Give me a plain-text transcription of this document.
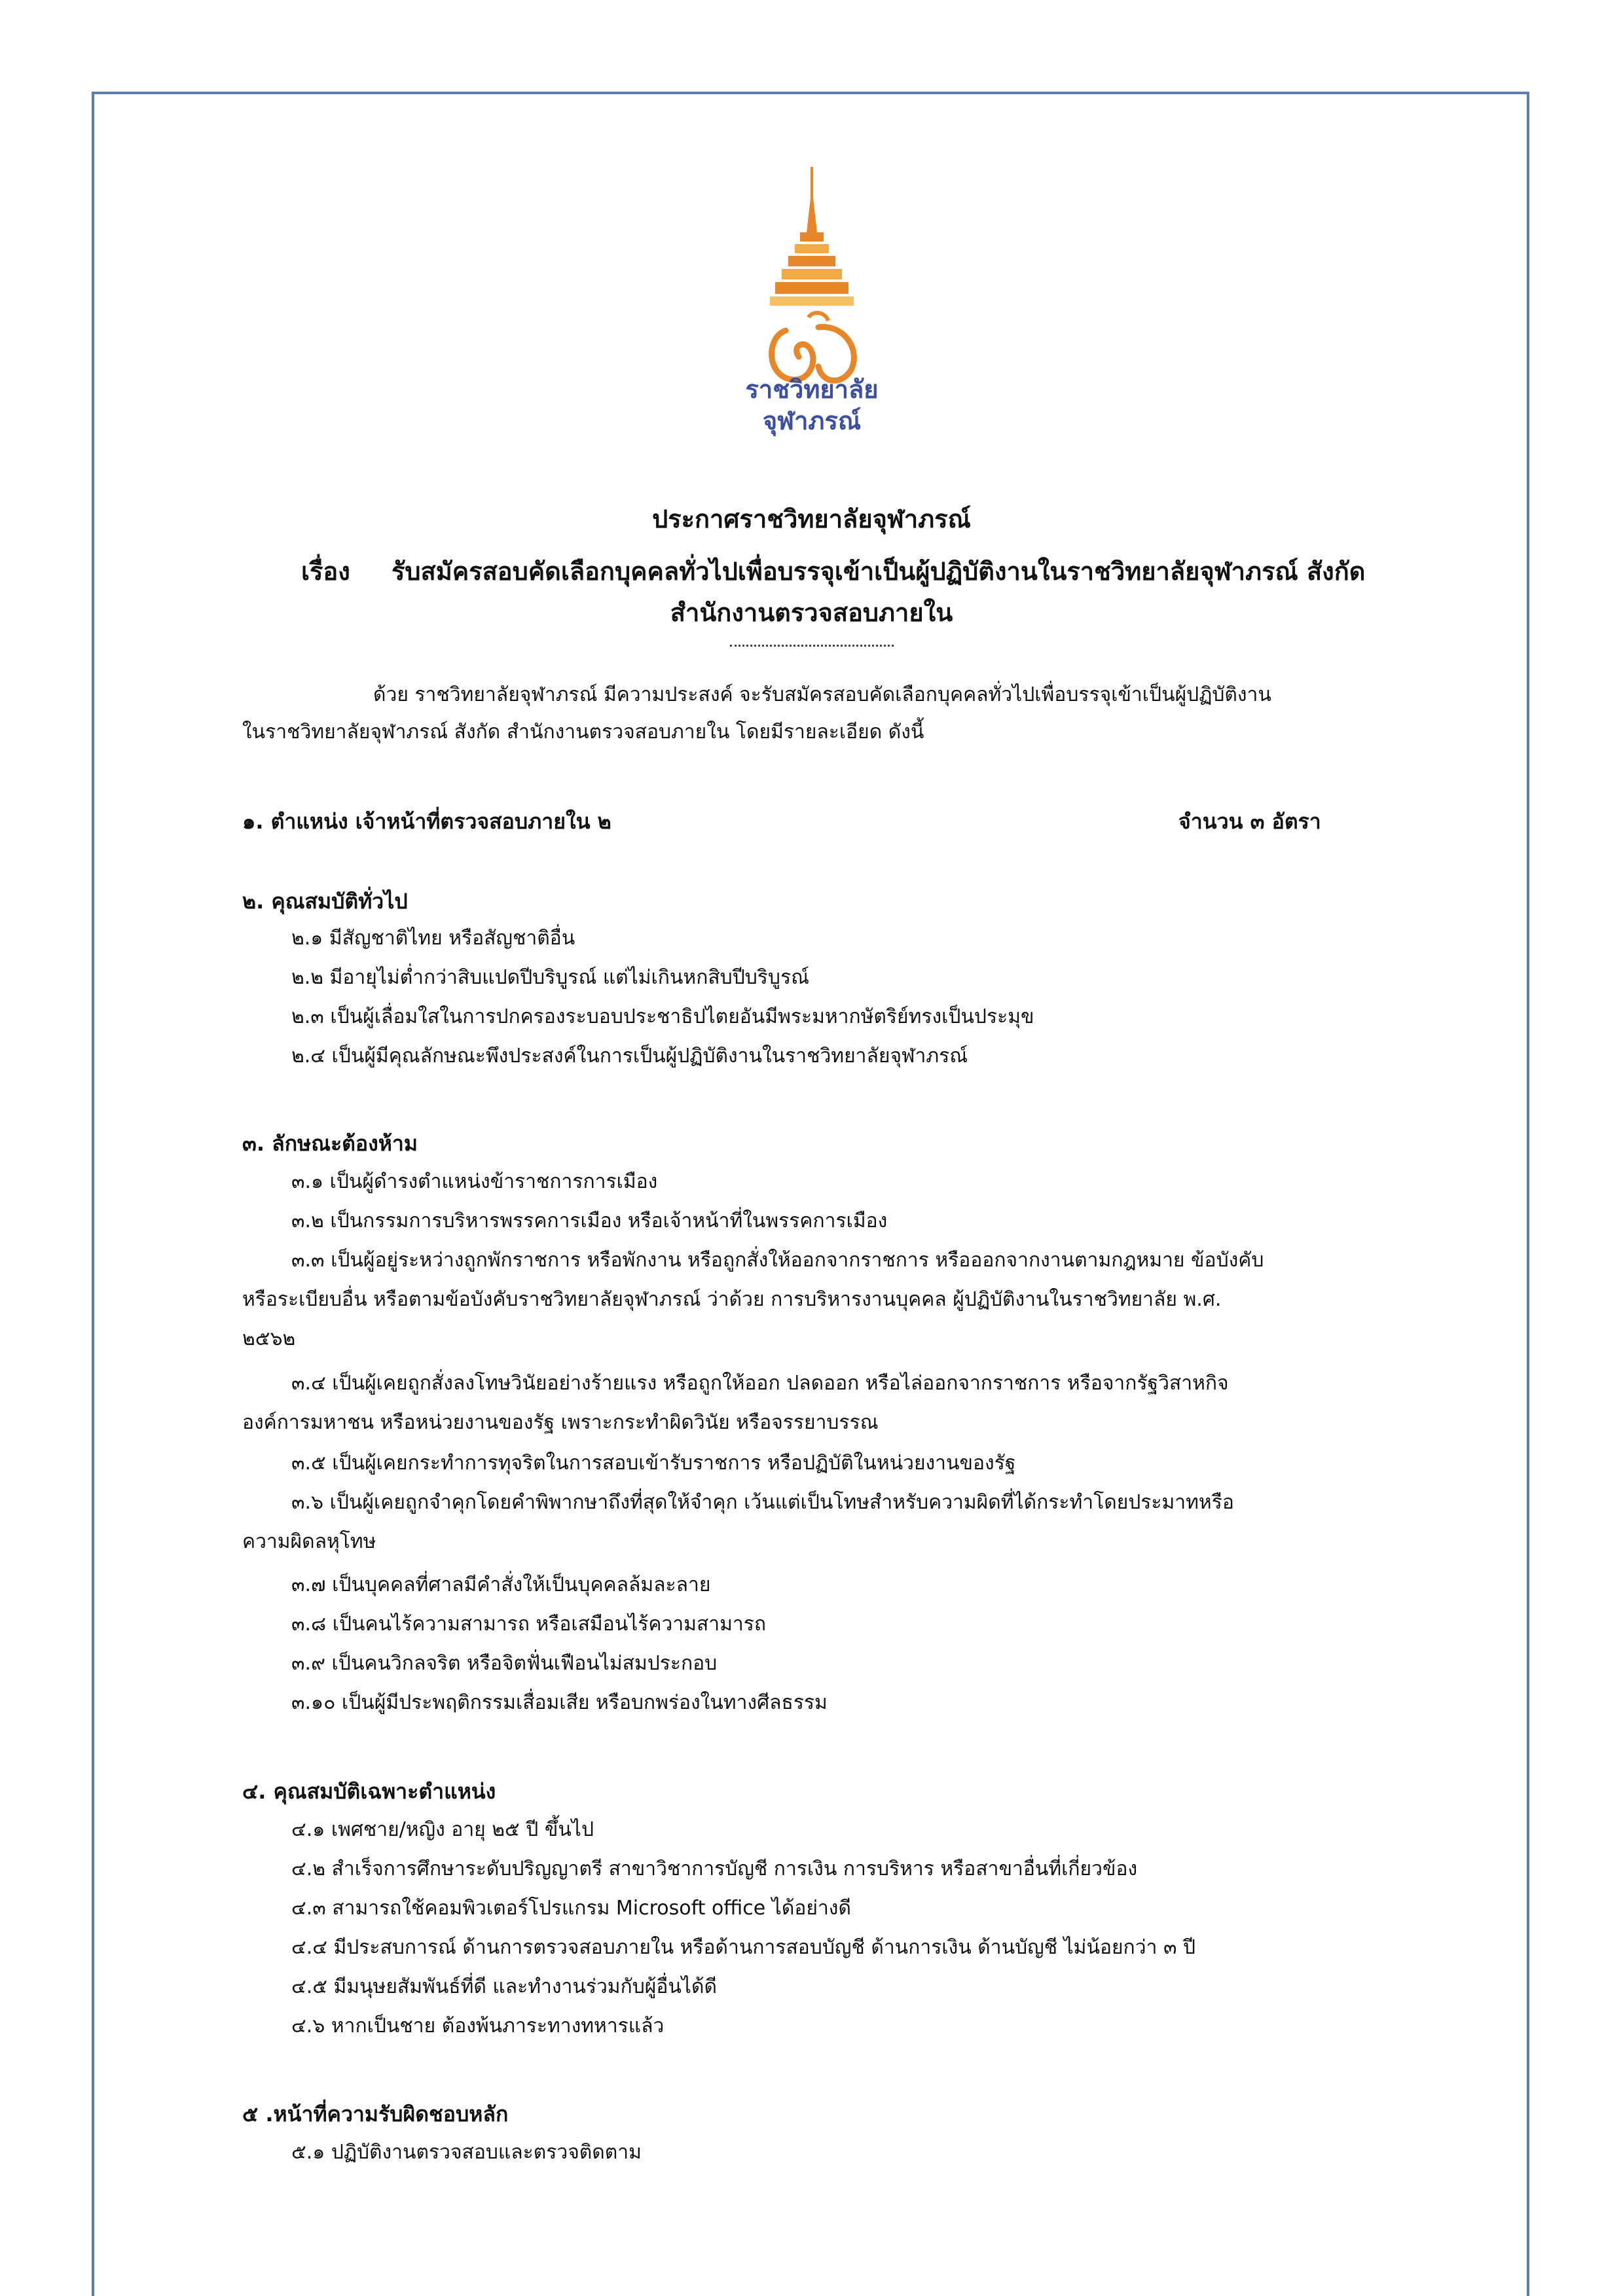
ราชวิทยาลัย
จุฬาภรณ์
ประกาศราชวิทยาลัยจุฬาภรณ์
เรื่อง รับสมัครสอบคัดเลือกบุคคลทั่วไปเพื่อบรรจุเข้าเป็นผู้ปฏิบัติงานในราชวิทยาลัยจุฬาภรณ์ สังกัด
สำนักงานตรวจสอบภายใน
ด้วย ราชวิทยาลัยจุฬาภรณ์ มีความประสงค์ จะรับสมัครสอบคัดเลือกบุคคลทั่วไปเพื่อบรรจุเข้าเป็นผู้ปฏิบัติงาน
ในราชวิทยาลัยจุฬาภรณ์ สังกัด สำนักงานตรวจสอบภายใน โดยมีรายละเอียด ดังนี้
๑. ตำแหน่ง เจ้าหน้าที่ตรวจสอบภายใน ๒	จำนวน ๓ อัตรา
๒. คุณสมบัติทั่วไป
๒.๑ มีสัญชาติไทย หรือสัญชาติอื่น
๒.๒ มีอายุไม่ต่ำกว่าสิบแปดปีบริบูรณ์ แต่ไม่เกินหกสิบปีบริบูรณ์
๒.๓ เป็นผู้เลื่อมใสในการปกครองระบอบประชาธิปไตยอันมีพระมหากษัตริย์ทรงเป็นประมุข
๒.๔ เป็นผู้มีคุณลักษณะพึงประสงค์ในการเป็นผู้ปฏิบัติงานในราชวิทยาลัยจุฬาภรณ์
๓. ลักษณะต้องห้าม
๓.๑ เป็นผู้ดำรงตำแหน่งข้าราชการการเมือง
๓.๒ เป็นกรรมการบริหารพรรคการเมือง หรือเจ้าหน้าที่ในพรรคการเมือง
๓.๓ เป็นผู้อยู่ระหว่างถูกพักราชการ หรือพักงาน หรือถูกสั่งให้ออกจากราชการ หรือออกจากงานตามกฎหมาย ข้อบังคับ
หรือระเบียบอื่น หรือตามข้อบังคับราชวิทยาลัยจุฬาภรณ์ ว่าด้วย การบริหารงานบุคคล ผู้ปฏิบัติงานในราชวิทยาลัย พ.ศ.
๒๕๖๒
๓.๔ เป็นผู้เคยถูกสั่งลงโทษวินัยอย่างร้ายแรง หรือถูกให้ออก ปลดออก หรือไล่ออกจากราชการ หรือจากรัฐวิสาหกิจ
องค์การมหาชน หรือหน่วยงานของรัฐ เพราะกระทำผิดวินัย หรือจรรยาบรรณ
๓.๕ เป็นผู้เคยกระทำการทุจริตในการสอบเข้ารับราชการ หรือปฏิบัติในหน่วยงานของรัฐ
๓.๖ เป็นผู้เคยถูกจำคุกโดยคำพิพากษาถึงที่สุดให้จำคุก เว้นแต่เป็นโทษสำหรับความผิดที่ได้กระทำโดยประมาทหรือ
ความผิดลหุโทษ
๓.๗ เป็นบุคคลที่ศาลมีคำสั่งให้เป็นบุคคลล้มละลาย
๓.๘ เป็นคนไร้ความสามารถ หรือเสมือนไร้ความสามารถ
๓.๙ เป็นคนวิกลจริต หรือจิตฟั่นเฟือนไม่สมประกอบ
๓.๑๐ เป็นผู้มีประพฤติกรรมเสื่อมเสีย หรือบกพร่องในทางศีลธรรม
๔. คุณสมบัติเฉพาะตำแหน่ง
๔.๑ เพศชาย/หญิง อายุ ๒๕ ปี ขึ้นไป
๔.๒ สำเร็จการศึกษาระดับปริญญาตรี สาขาวิชาการบัญชี การเงิน การบริหาร หรือสาขาอื่นที่เกี่ยวข้อง
๔.๓ สามารถใช้คอมพิวเตอร์โปรแกรม Microsoft office ได้อย่างดี
๔.๔ มีประสบการณ์ ด้านการตรวจสอบภายใน หรือด้านการสอบบัญชี ด้านการเงิน ด้านบัญชี ไม่น้อยกว่า ๓ ปี
๔.๕ มีมนุษยสัมพันธ์ที่ดี และทำงานร่วมกับผู้อื่นได้ดี
๔.๖ หากเป็นชาย ต้องพ้นภาระทางทหารแล้ว
๕ .หน้าที่ความรับผิดชอบหลัก
๕.๑ ปฏิบัติงานตรวจสอบและตรวจติดตาม
